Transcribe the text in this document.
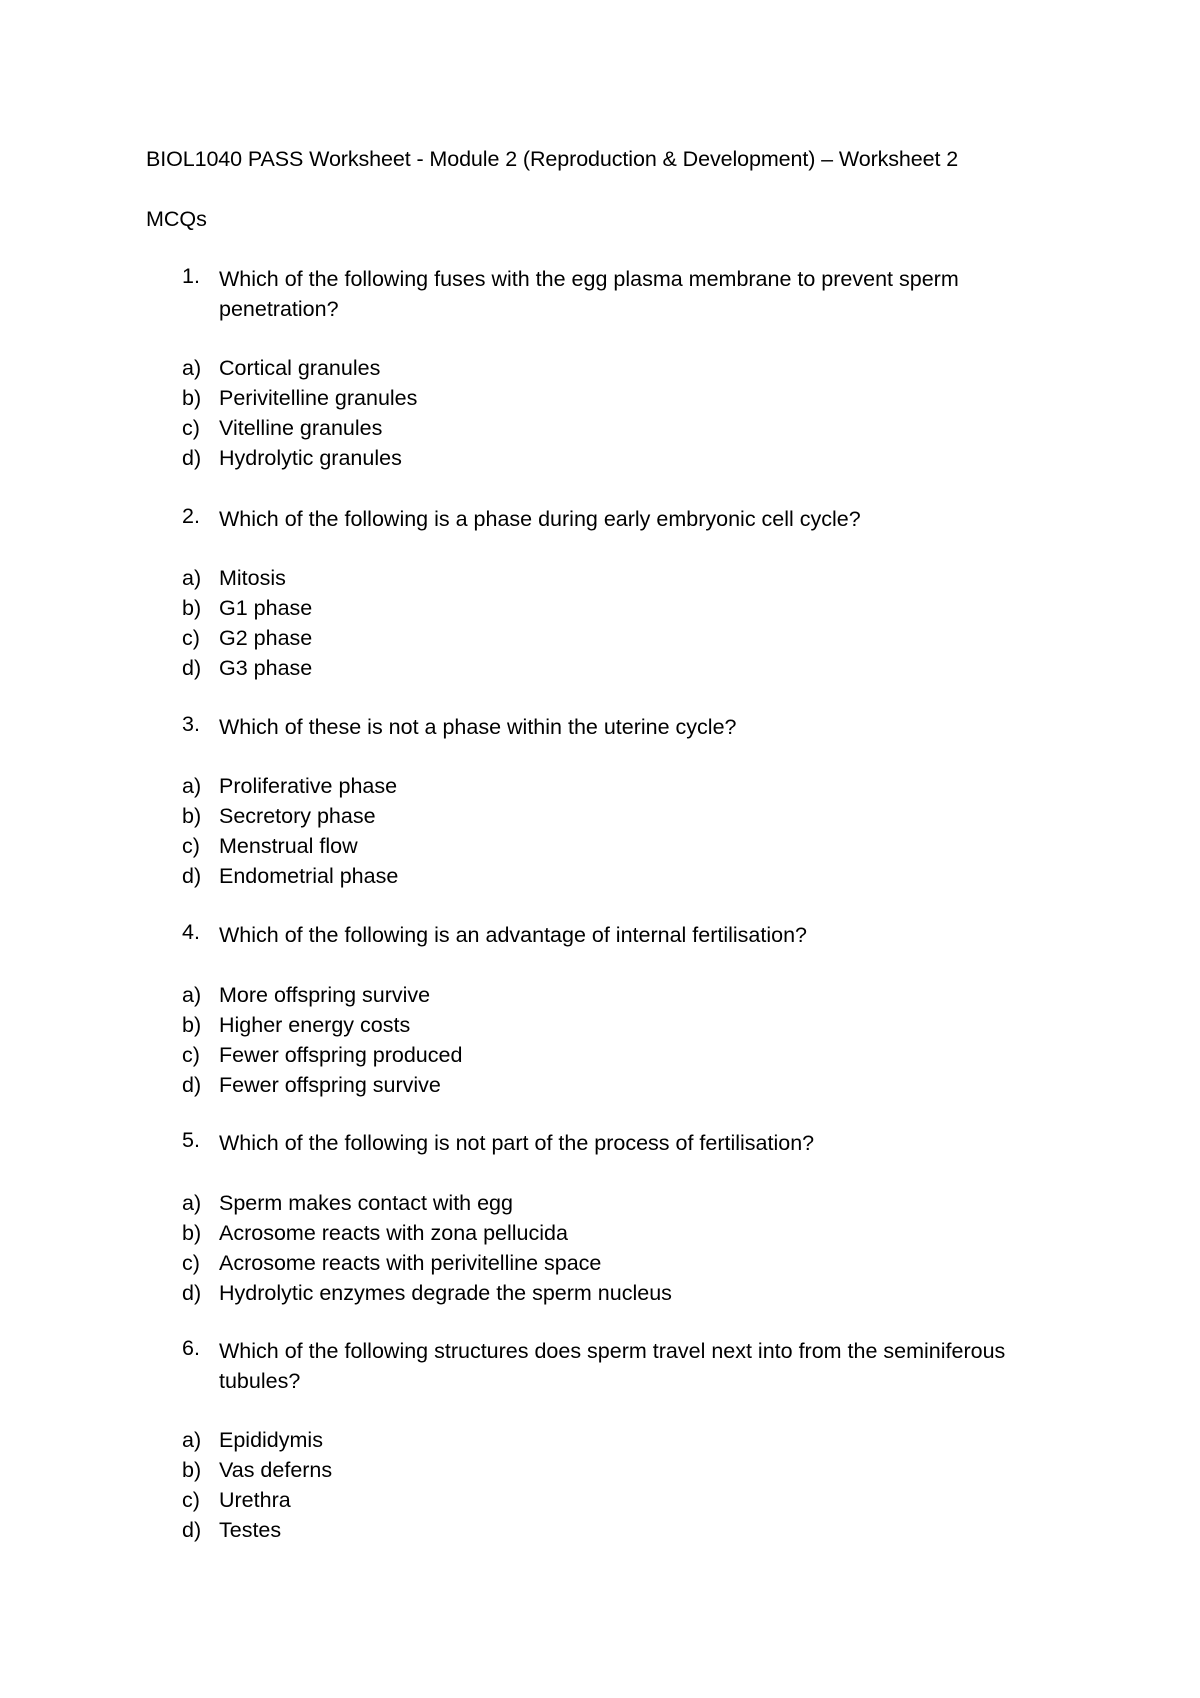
BIOL1040 PASS Worksheet - Module 2 (Reproduction & Development) – Worksheet 2
MCQs
1. Which of the following fuses with the egg plasma membrane to prevent sperm penetration?
a) Cortical granules
b) Perivitelline granules
c) Vitelline granules
d) Hydrolytic granules
2. Which of the following is a phase during early embryonic cell cycle?
a) Mitosis
b) G1 phase
c) G2 phase
d) G3 phase
3. Which of these is not a phase within the uterine cycle?
a) Proliferative phase
b) Secretory phase
c) Menstrual flow
d) Endometrial phase
4. Which of the following is an advantage of internal fertilisation?
a) More offspring survive
b) Higher energy costs
c) Fewer offspring produced
d) Fewer offspring survive
5. Which of the following is not part of the process of fertilisation?
a) Sperm makes contact with egg
b) Acrosome reacts with zona pellucida
c) Acrosome reacts with perivitelline space
d) Hydrolytic enzymes degrade the sperm nucleus
6. Which of the following structures does sperm travel next into from the seminiferous tubules?
a) Epididymis
b) Vas deferns
c) Urethra
d) Testes
